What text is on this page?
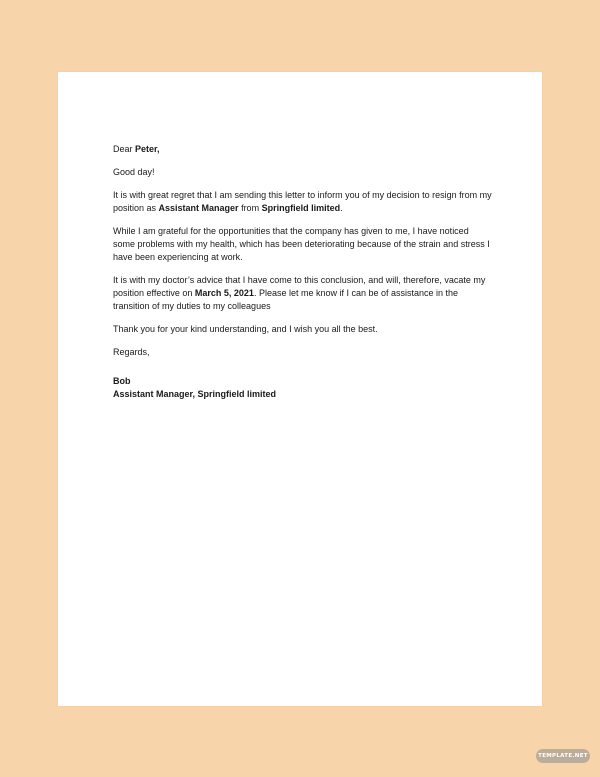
Dear Peter,

Good day!

It is with great regret that I am sending this letter to inform you of my decision to resign from my position as Assistant Manager from Springfield limited.

While I am grateful for the opportunities that the company has given to me, I have noticed some problems with my health, which has been deteriorating because of the strain and stress I have been experiencing at work.

It is with my doctor’s advice that I have come to this conclusion, and will, therefore, vacate my position effective on March 5, 2021. Please let me know if I can be of assistance in the transition of my duties to my colleagues

Thank you for your kind understanding, and I wish you all the best.

Regards,

Bob
Assistant Manager, Springfield limited

TEMPLATE.NET
